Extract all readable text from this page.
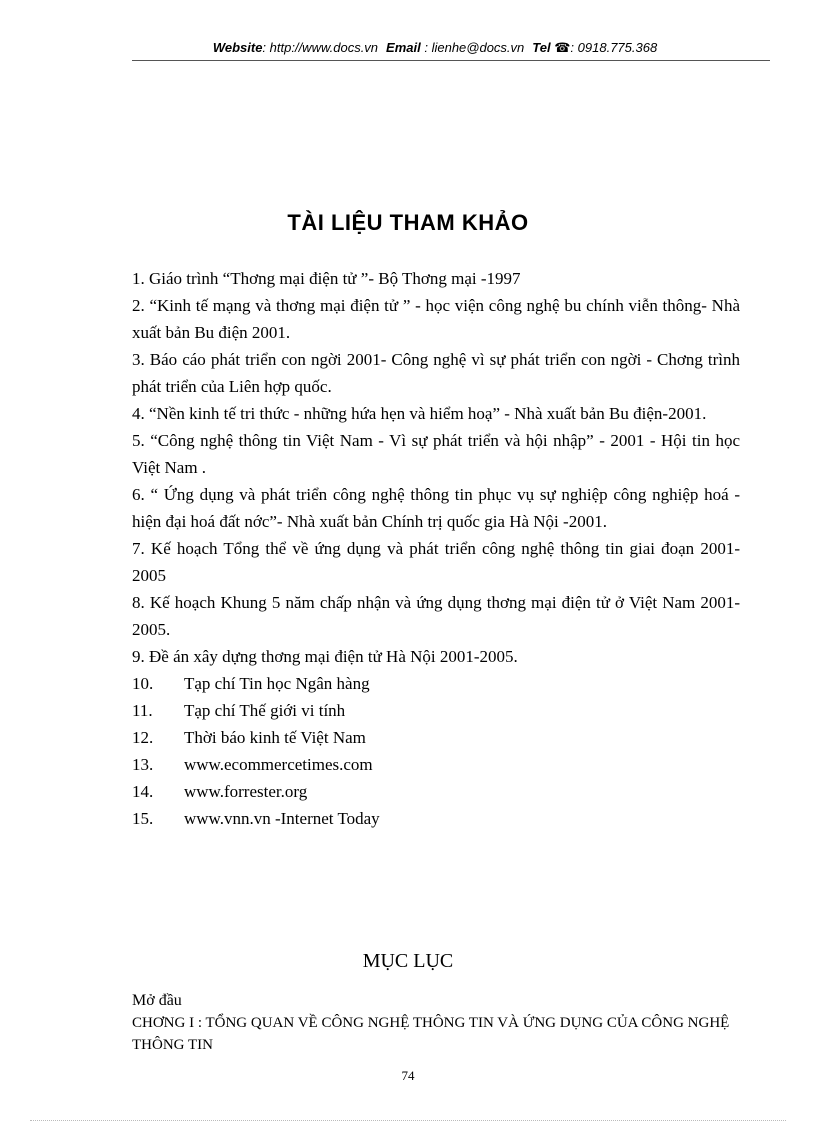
Website: http://www.docs.vn Email : lienhe@docs.vn Tel ☎: 0918.775.368
TÀI LIỆU THAM KHẢO
1. Giáo trình “Thơng mại điện tử ”- Bộ Thơng mại -1997
2. “Kinh tế mạng và thơng mại điện tử ” - học viện công nghệ bu chính viễn thông- Nhà xuất bản Bu điện 2001.
3. Báo cáo phát triển con ngời 2001- Công nghệ vì sự phát triển con ngời - Chơng trình phát triển của Liên hợp quốc.
4. “Nền kinh tế tri thức - những hứa hẹn và hiểm hoạ” - Nhà xuất bản Bu điện-2001.
5. “Công nghệ thông tin Việt Nam - Vì sự phát triển và hội nhập” - 2001 - Hội tin học Việt Nam .
6. “ Ứng dụng và phát triển công nghệ thông tin phục vụ sự nghiệp công nghiệp hoá - hiện đại hoá đất nớc”- Nhà xuất bản Chính trị quốc gia Hà Nội -2001.
7. Kế hoạch Tổng thể về ứng dụng và phát triển công nghệ thông tin giai đoạn 2001-2005
8. Kế hoạch Khung 5 năm chấp nhận và ứng dụng thơng mại điện tử ở Việt Nam 2001-2005.
9. Đề án xây dựng thơng mại điện tử Hà Nội 2001-2005.
10. Tạp chí Tin học Ngân hàng
11. Tạp chí Thế giới vi tính
12. Thời báo kinh tế Việt Nam
13. www.ecommercetimes.com
14. www.forrester.org
15. www.vnn.vn -Internet Today
MỤC LỤC
Mở đầu
CHƠNG I : TỔNG QUAN VỀ CÔNG NGHỆ THÔNG TIN VÀ ỨNG DỤNG CỦA CÔNG NGHỆ THÔNG TIN
74
